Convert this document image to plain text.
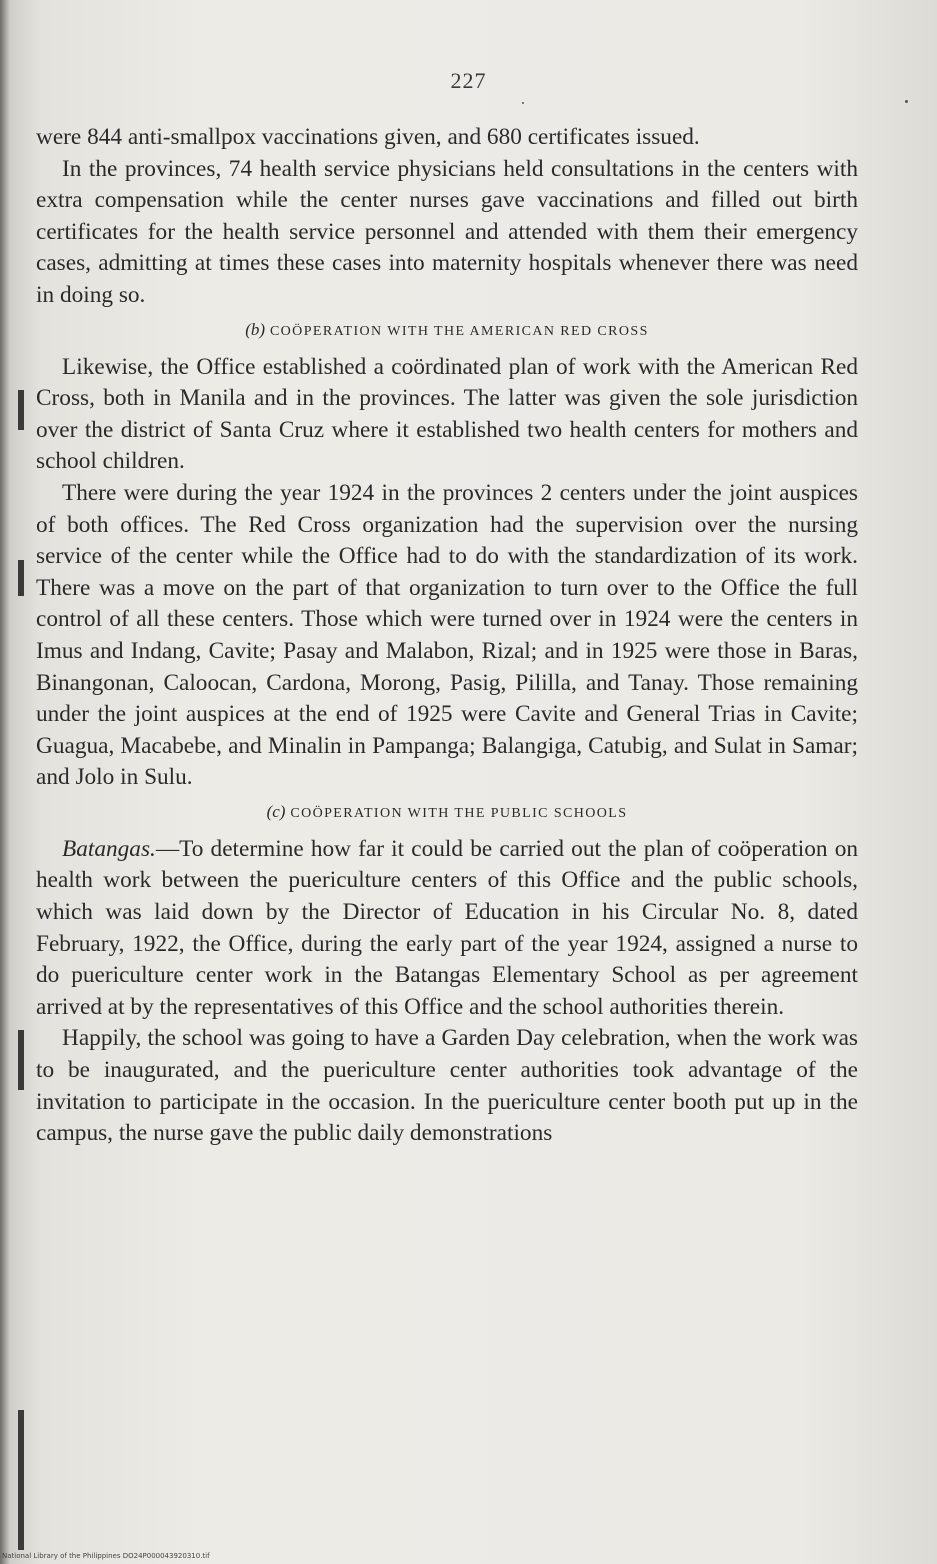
227

were 844 anti-smallpox vaccinations given, and 680 certificates issued.

In the provinces, 74 health service physicians held consultations in the centers with extra compensation while the center nurses gave vaccinations and filled out birth certificates for the health service personnel and attended with them their emergency cases, admitting at times these cases into maternity hospitals whenever there was need in doing so.

(b) COÖPERATION WITH THE AMERICAN RED CROSS

Likewise, the Office established a coördinated plan of work with the American Red Cross, both in Manila and in the provinces. The latter was given the sole jurisdiction over the district of Santa Cruz where it established two health centers for mothers and school children.

There were during the year 1924 in the provinces 2 centers under the joint auspices of both offices. The Red Cross organization had the supervision over the nursing service of the center while the Office had to do with the standardization of its work. There was a move on the part of that organization to turn over to the Office the full control of all these centers. Those which were turned over in 1924 were the centers in Imus and Indang, Cavite; Pasay and Malabon, Rizal; and in 1925 were those in Baras, Binangonan, Caloocan, Cardona, Morong, Pasig, Pililla, and Tanay. Those remaining under the joint auspices at the end of 1925 were Cavite and General Trias in Cavite; Guagua, Macabebe, and Minalin in Pampanga; Balangiga, Catubig, and Sulat in Samar; and Jolo in Sulu.

(c) COÖPERATION WITH THE PUBLIC SCHOOLS

Batangas.—To determine how far it could be carried out the plan of coöperation on health work between the puericulture centers of this Office and the public schools, which was laid down by the Director of Education in his Circular No. 8, dated February, 1922, the Office, during the early part of the year 1924, assigned a nurse to do puericulture center work in the Batangas Elementary School as per agreement arrived at by the representatives of this Office and the school authorities therein.

Happily, the school was going to have a Garden Day celebration, when the work was to be inaugurated, and the puericulture center authorities took advantage of the invitation to participate in the occasion. In the puericulture center booth put up in the campus, the nurse gave the public daily demonstrations

National Library of the Philippines DO24P000043920310.tif
